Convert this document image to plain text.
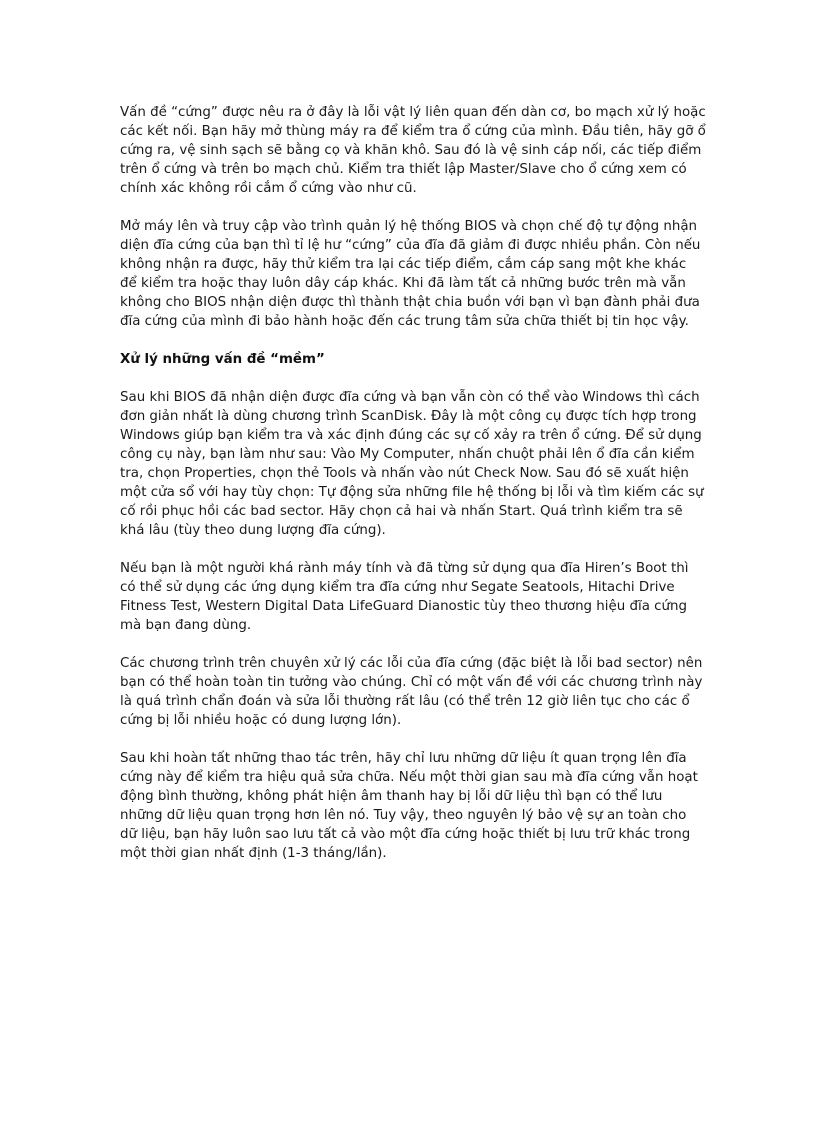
Vấn đề “cứng” được nêu ra ở đây là lỗi vật lý liên quan đến dàn cơ, bo mạch xử lý hoặc các kết nối. Bạn hãy mở thùng máy ra để kiểm tra ổ cứng của mình. Đầu tiên, hãy gỡ ổ cứng ra, vệ sinh sạch sẽ bằng cọ và khăn khô. Sau đó là vệ sinh cáp nối, các tiếp điểm trên ổ cứng và trên bo mạch chủ. Kiểm tra thiết lập Master/Slave cho ổ cứng xem có chính xác không rồi cắm ổ cứng vào như cũ.

Mở máy lên và truy cập vào trình quản lý hệ thống BIOS và chọn chế độ tự động nhận diện đĩa cứng của bạn thì tỉ lệ hư “cứng” của đĩa đã giảm đi được nhiều phần. Còn nếu không nhận ra được, hãy thử kiểm tra lại các tiếp điểm, cắm cáp sang một khe khác để kiểm tra hoặc thay luôn dây cáp khác. Khi đã làm tất cả những bước trên mà vẫn không cho BIOS nhận diện được thì thành thật chia buồn với bạn vì bạn đành phải đưa đĩa cứng của mình đi bảo hành hoặc đến các trung tâm sửa chữa thiết bị tin học vậy.

Xử lý những vấn đề “mềm”

Sau khi BIOS đã nhận diện được đĩa cứng và bạn vẫn còn có thể vào Windows thì cách đơn giản nhất là dùng chương trình ScanDisk. Đây là một công cụ được tích hợp trong Windows giúp bạn kiểm tra và xác định đúng các sự cố xảy ra trên ổ cứng. Để sử dụng công cụ này, bạn làm như sau: Vào My Computer, nhấn chuột phải lên ổ đĩa cần kiểm tra, chọn Properties, chọn thẻ Tools và nhấn vào nút Check Now. Sau đó sẽ xuất hiện một cửa sổ với hay tùy chọn: Tự động sửa những file hệ thống bị lỗi và tìm kiếm các sự cố rồi phục hồi các bad sector. Hãy chọn cả hai và nhấn Start. Quá trình kiểm tra sẽ khá lâu (tùy theo dung lượng đĩa cứng).

Nếu bạn là một người khá rành máy tính và đã từng sử dụng qua đĩa Hiren’s Boot thì có thể sử dụng các ứng dụng kiểm tra đĩa cứng như Segate Seatools, Hitachi Drive Fitness Test, Western Digital Data LifeGuard Dianostic tùy theo thương hiệu đĩa cứng mà bạn đang dùng.

Các chương trình trên chuyên xử lý các lỗi của đĩa cứng (đặc biệt là lỗi bad sector) nên bạn có thể hoàn toàn tin tưởng vào chúng. Chỉ có một vấn đề với các chương trình này là quá trình chẩn đoán và sửa lỗi thường rất lâu (có thể trên 12 giờ liên tục cho các ổ cứng bị lỗi nhiều hoặc có dung lượng lớn).

Sau khi hoàn tất những thao tác trên, hãy chỉ lưu những dữ liệu ít quan trọng lên đĩa cứng này để kiểm tra hiệu quả sửa chữa. Nếu một thời gian sau mà đĩa cứng vẫn hoạt động bình thường, không phát hiện âm thanh hay bị lỗi dữ liệu thì bạn có thể lưu những dữ liệu quan trọng hơn lên nó. Tuy vậy, theo nguyên lý bảo vệ sự an toàn cho dữ liệu, bạn hãy luôn sao lưu tất cả vào một đĩa cứng hoặc thiết bị lưu trữ khác trong một thời gian nhất định (1-3 tháng/lần).
